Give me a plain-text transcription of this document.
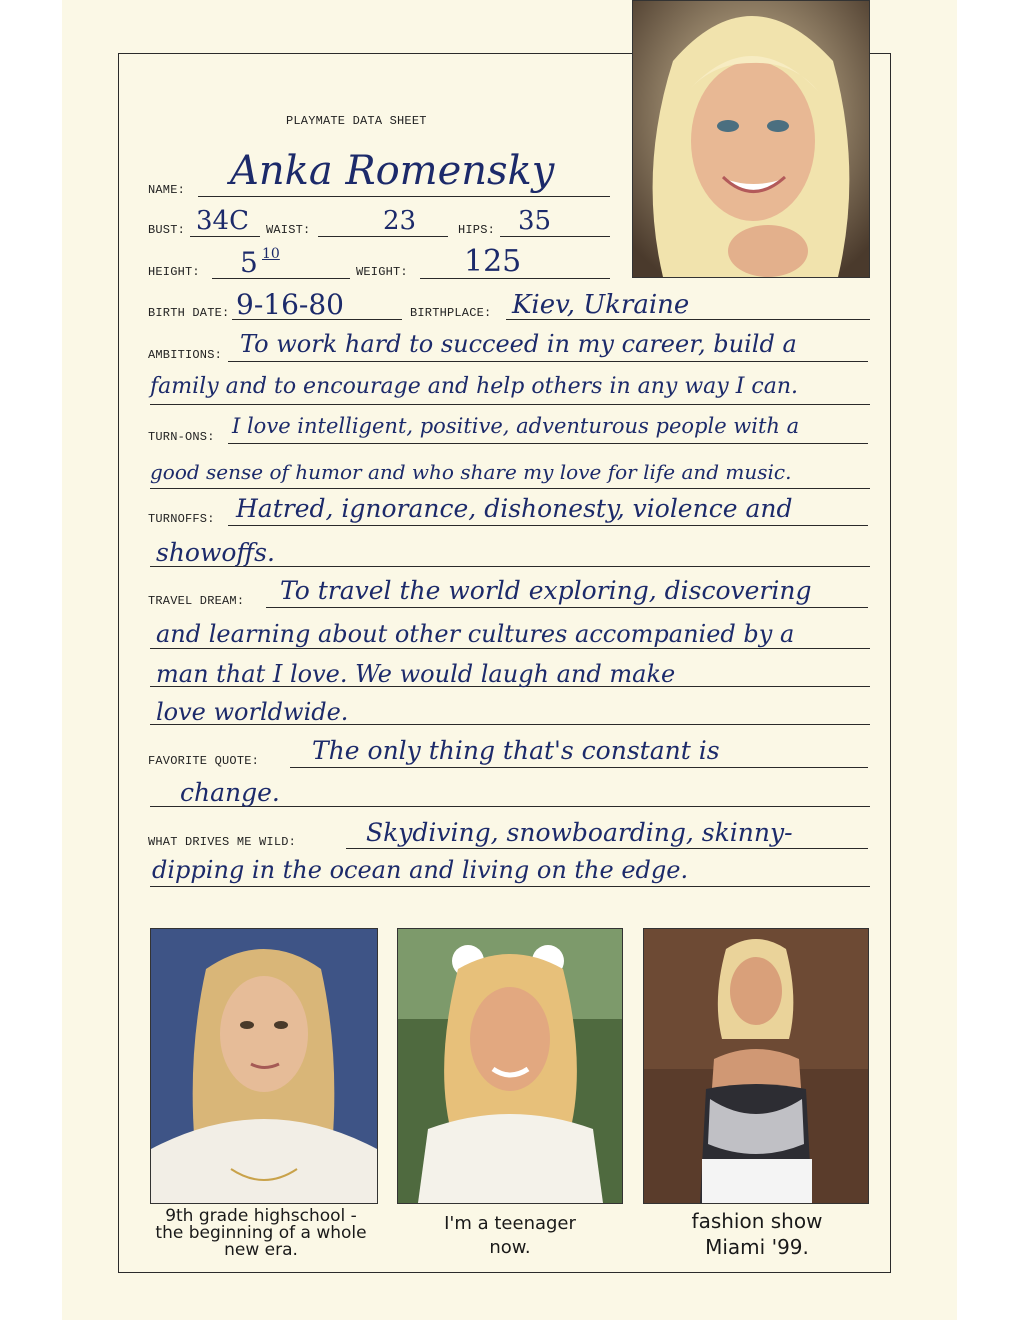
PLAYMATE DATA SHEET
NAME: Anka Romensky
BUST: 34C WAIST:	23	HIPS: 35
HEIGHT: 5 10
WEIGHT: 125
BIRTH DATE: 9-16-80	BIRTHPLACE: Kiev, Ukraine
AMBITIONS: To work hard to succeed in my career, build a
family and to encourage and help others in any way I can.
TURN-ONS: I love intelligent, positive, adventurous people with a
good sense of humor and who share my love for life and music.
TURNOFFS: Hatred, ignorance, dishonesty, violence and
showoffs.
TRAVEL DREAM: To travel the world exploring, discovering
and learning about other cultures accompanied by a
man that I love. We would laugh and make
love worldwide.
FAVORITE QUOTE: The only thing that's constant is
change.
WHAT DRIVES ME WILD:	Skydiving, snowboarding, skinny-
dipping in the ocean and living on the edge.
9th grade highschool -
the beginning of a whole
new era.
I'm a teenager
now.
fashion show
Miami '99.
